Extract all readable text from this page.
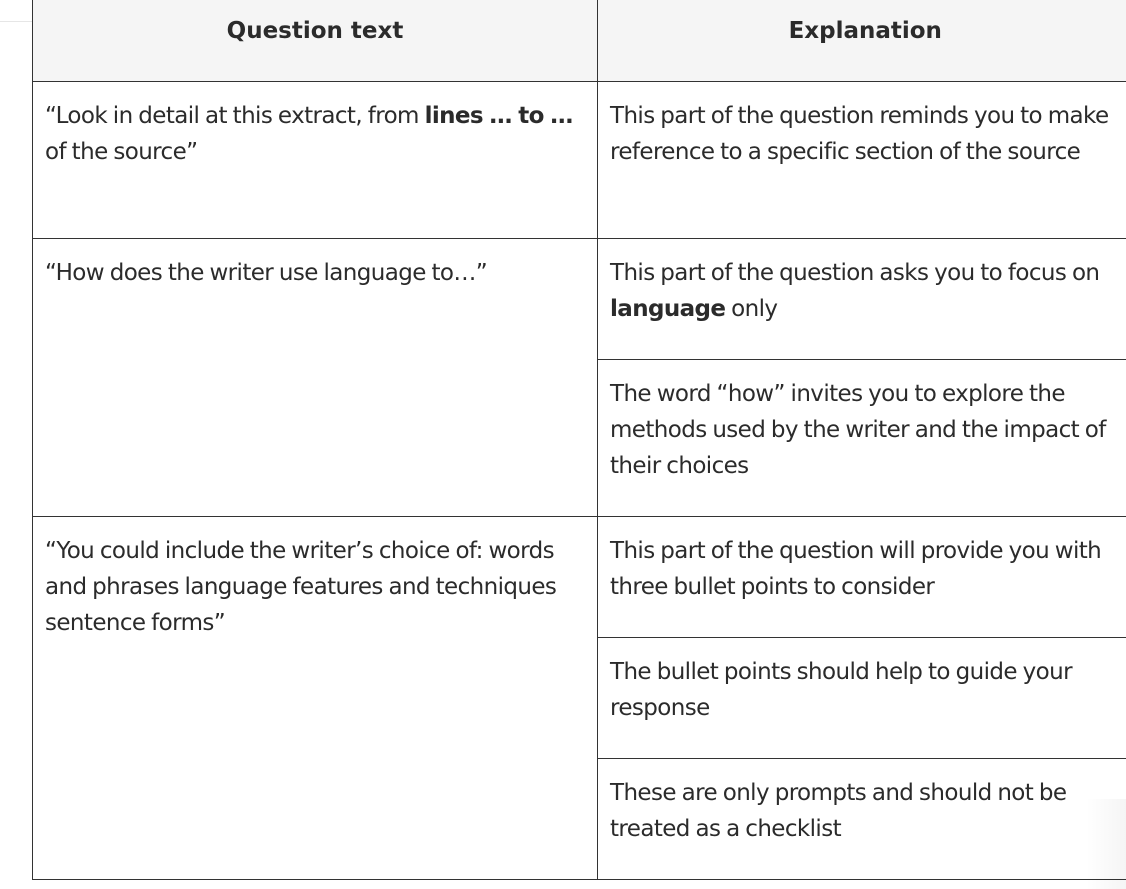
Question text	Explanation
“Look in detail at this extract, from lines … to … of the source”	This part of the question reminds you to make reference to a specific section of the source
“How does the writer use language to…”	This part of the question asks you to focus on language only
	The word “how” invites you to explore the methods used by the writer and the impact of their choices
“You could include the writer’s choice of: words and phrases language features and techniques sentence forms”	This part of the question will provide you with three bullet points to consider
	The bullet points should help to guide your response
	These are only prompts and should not be treated as a checklist
